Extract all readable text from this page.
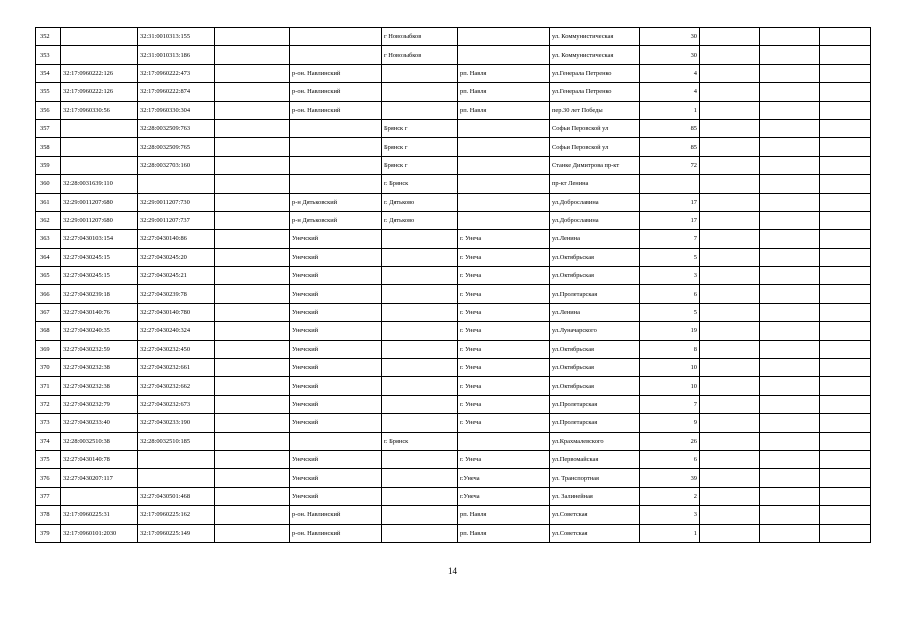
352		32:31:0010313:155			г Новозыбков		ул. Коммунистическая	30			
353		32:31:0010313:186			г Новозыбков		ул. Коммунистическая	30			
354	32:17:0960222:126	32:17:0960222:473		р-он. Навлинский		рп. Навля	ул.Генерала Петренко	4			
355	32:17:0960222:126	32:17:0960222:874		р-он. Навлинский		рп. Навля	ул.Генерала Петренко	4			
356	32:17:0960330:56	32:17:0960330:304		р-он. Навлинский		рп. Навля	пер.30 лет Победы	1			
357		32:28:0032509:763			Брянск г		Софьи Перовской ул	85			
358		32:28:0032509:765			Брянск г		Софьи Перовской ул	85			
359		32:28:0032703:160			Брянск г		Станке Димитрова пр-кт	72			
360	32:28:0031639:110				г. Брянск		пр-кт Ленина				
361	32:29:0011207:680	32:29:0011207:730		р-н Дятьковский	г. Дятьково		ул.Доброславина	17			
362	32:29:0011207:680	32:29:0011207:737		р-н Дятьковский	г. Дятьково		ул.Доброславина	17			
363	32:27:0430103:154	32:27:0430140:86		Унечский		г. Унеча	ул.Ленина	7			
364	32:27:0430245:15	32:27:0430245:20		Унечский		г. Унеча	ул.Октябрьская	5			
365	32:27:0430245:15	32:27:0430245:21		Унечский		г. Унеча	ул.Октябрьская	3			
366	32:27:0430239:18	32:27:0430239:78		Унечский		г. Унеча	ул.Пролетарская	6			
367	32:27:0430140:76	32:27:0430140:780		Унечский		г. Унеча	ул.Ленина	5			
368	32:27:0430240:35	32:27:0430240:324		Унечский		г. Унеча	ул.Луначарского	19			
369	32:27:0430232:59	32:27:0430232:450		Унечский		г. Унеча	ул.Октябрьская	8			
370	32:27:0430232:38	32:27:0430232:661		Унечский		г. Унеча	ул.Октябрьская	10			
371	32:27:0430232:38	32:27:0430232:662		Унечский		г. Унеча	ул.Октябрьская	10			
372	32:27:0430232:79	32:27:0430232:673		Унечский		г. Унеча	ул.Пролетарская	7			
373	32:27:0430233:40	32:27:0430233:190		Унечский		г. Унеча	ул.Пролетарская	9			
374	32:28:0032510:38	32:28:0032510:185			г. Брянск		ул.Крахмалевского	26			
375	32:27:0430140:78			Унечский		г. Унеча	ул.Первомайская	6			
376	32:27:0430207:117			Унечский		г.Унеча	ул. Транспортная	39			
377		32:27:0430501:468		Унечский		г.Унеча	ул. Залинейная	2			
378	32:17:0960225:31	32:17:0960225:162		р-он. Навлинский		рп. Навля	ул.Советская	3			
379	32:17:0960101:2030	32:17:0960225:149		р-он. Навлинский		рп. Навля	ул.Советская	1			
14
